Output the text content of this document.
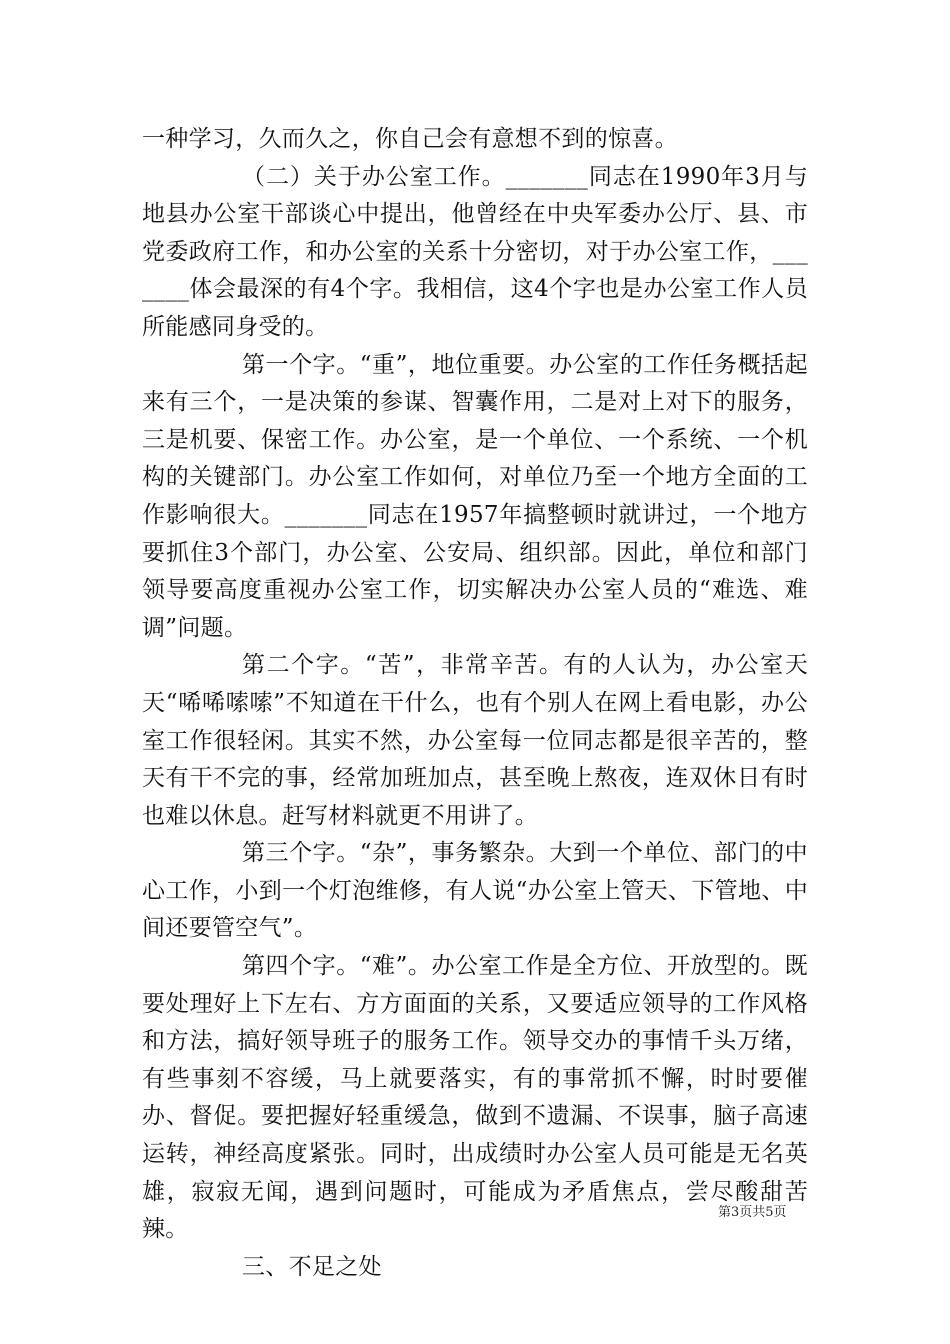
一种学习，久而久之，你自己会有意想不到的惊喜。

（二）关于办公室工作。_______同志在1990年3月与地县办公室干部谈心中提出，他曾经在中央军委办公厅、县、市党委政府工作，和办公室的关系十分密切，对于办公室工作，_______体会最深的有4个字。我相信，这4个字也是办公室工作人员所能感同身受的。

第一个字。“重”，地位重要。办公室的工作任务概括起来有三个，一是决策的参谋、智囊作用，二是对上对下的服务，三是机要、保密工作。办公室，是一个单位、一个系统、一个机构的关键部门。办公室工作如何，对单位乃至一个地方全面的工作影响很大。_______同志在1957年搞整顿时就讲过，一个地方要抓住3个部门，办公室、公安局、组织部。因此，单位和部门领导要高度重视办公室工作，切实解决办公室人员的“难选、难调”问题。

第二个字。“苦”，非常辛苦。有的人认为，办公室天天“唏唏嗦嗦”不知道在干什么，也有个别人在网上看电影，办公室工作很轻闲。其实不然，办公室每一位同志都是很辛苦的，整天有干不完的事，经常加班加点，甚至晚上熬夜，连双休日有时也难以休息。赶写材料就更不用讲了。

第三个字。“杂”，事务繁杂。大到一个单位、部门的中心工作，小到一个灯泡维修，有人说“办公室上管天、下管地、中间还要管空气”。

第四个字。“难”。办公室工作是全方位、开放型的。既要处理好上下左右、方方面面的关系，又要适应领导的工作风格和方法，搞好领导班子的服务工作。领导交办的事情千头万绪，有些事刻不容缓，马上就要落实，有的事常抓不懈，时时要催办、督促。要把握好轻重缓急，做到不遗漏、不误事，脑子高速运转，神经高度紧张。同时，出成绩时办公室人员可能是无名英雄，寂寂无闻，遇到问题时，可能成为矛盾焦点，尝尽酸甜苦辣。

三、不足之处

第3页共5页
